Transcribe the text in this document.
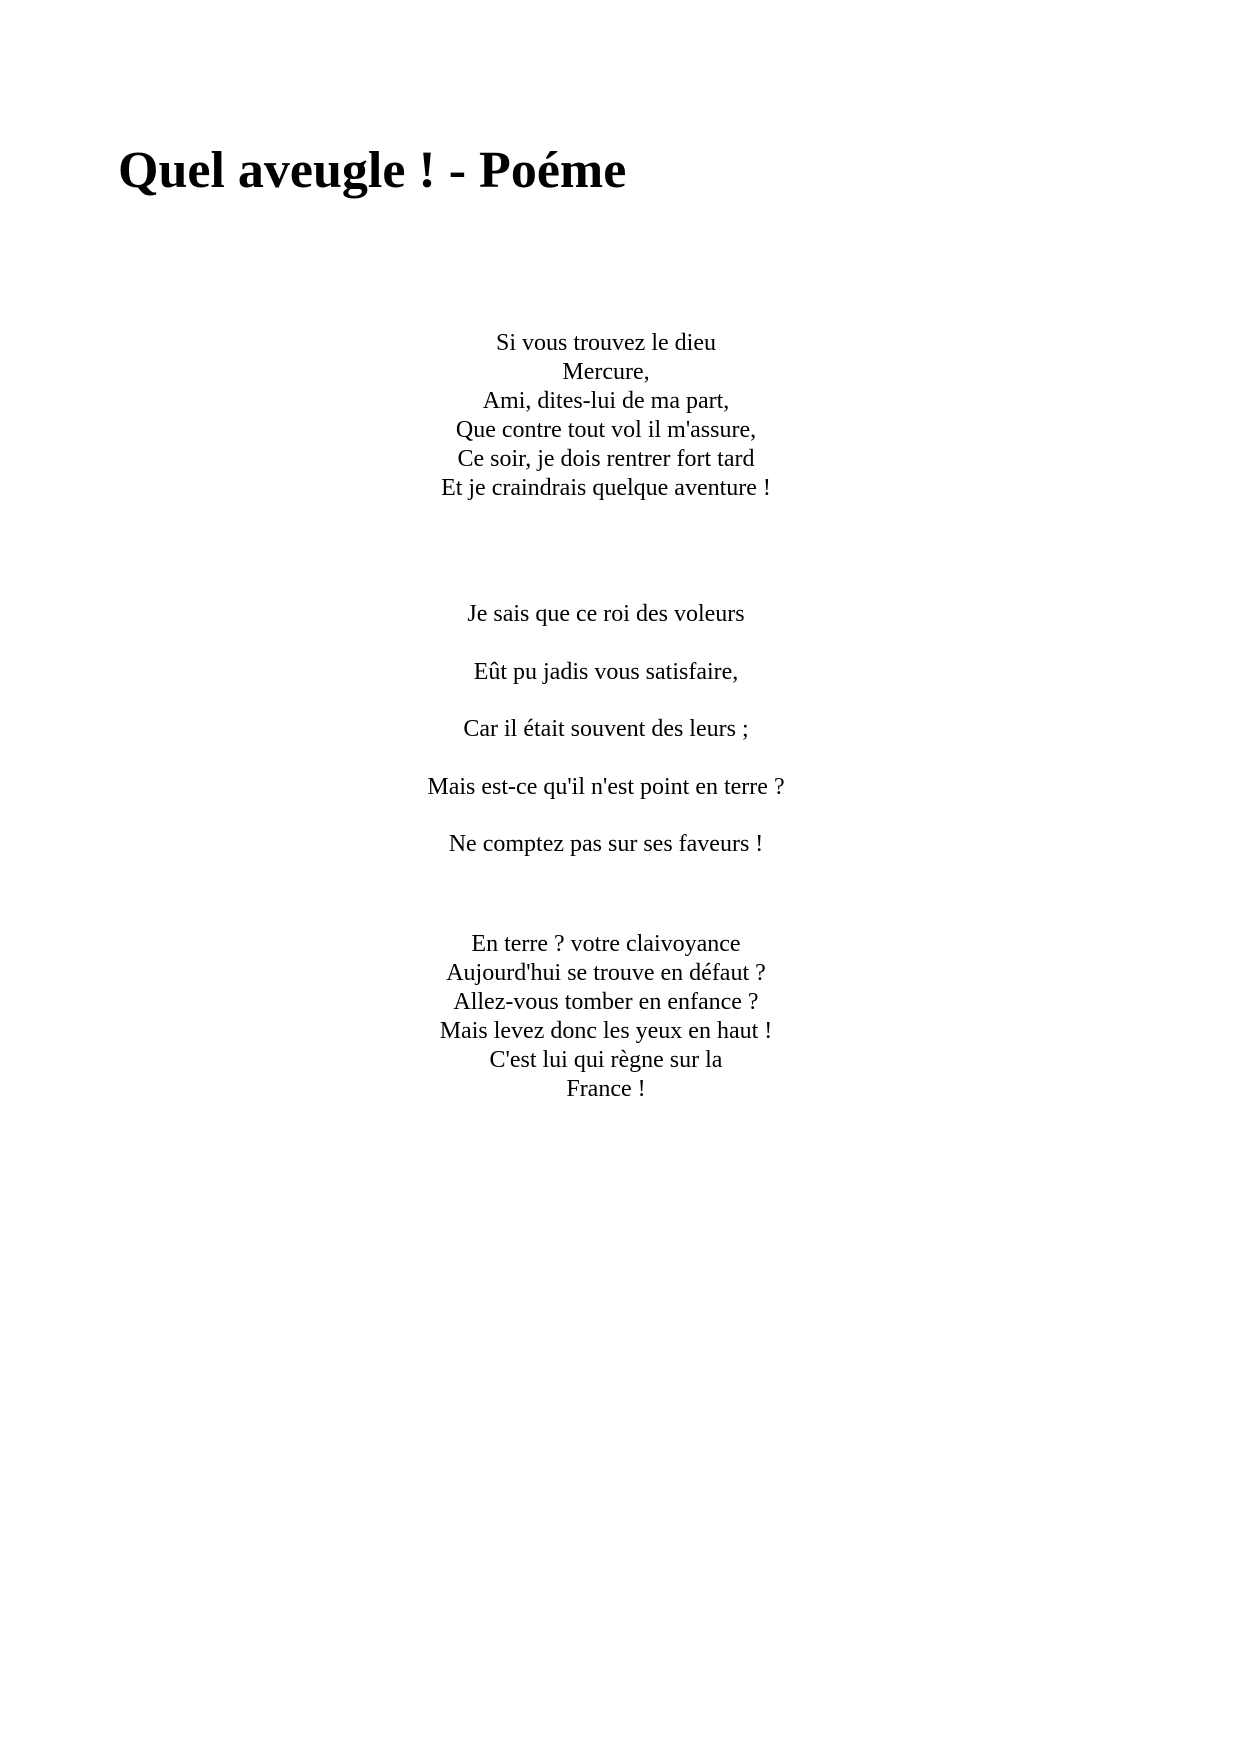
Quel aveugle ! - Poéme
Si vous trouvez le dieu
Mercure,
Ami, dites-lui de ma part,
Que contre tout vol il m'assure,
Ce soir, je dois rentrer fort tard
Et je craindrais quelque aventure !
Je sais que ce roi des voleurs
Eût pu jadis vous satisfaire,
Car il était souvent des leurs ;
Mais est-ce qu'il n'est point en terre ?
Ne comptez pas sur ses faveurs !
En terre ? votre claivoyance
Aujourd'hui se trouve en défaut ?
Allez-vous tomber en enfance ?
Mais levez donc les yeux en haut !
C'est lui qui règne sur la
France !
